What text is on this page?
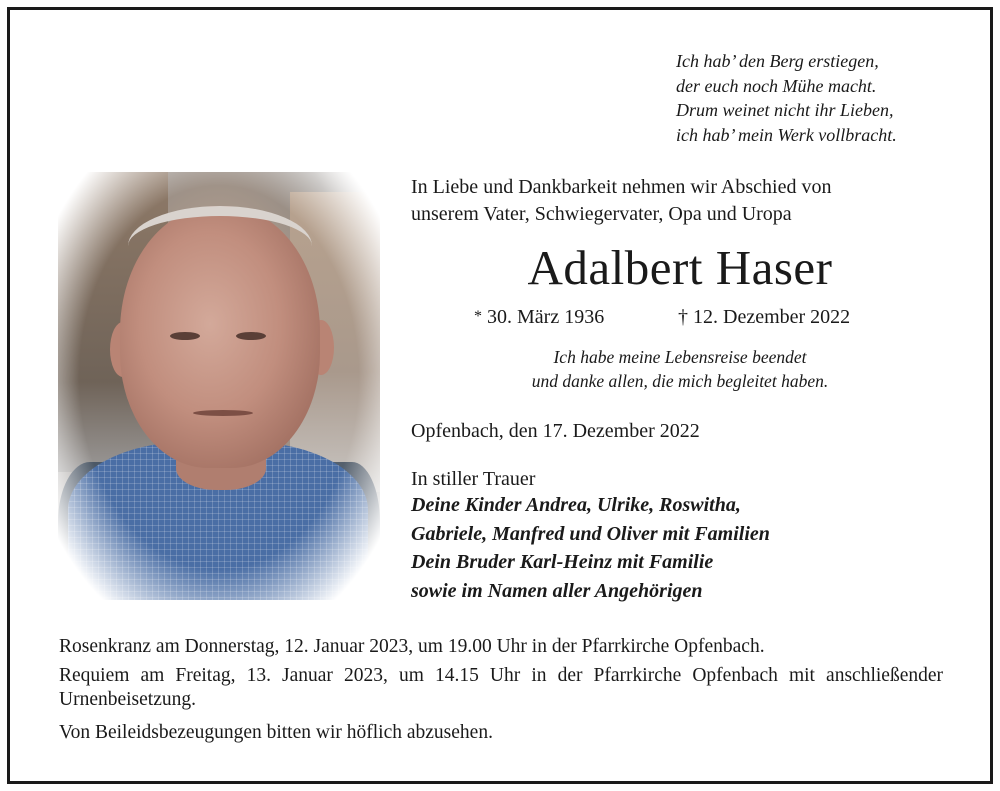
Ich hab’ den Berg erstiegen,
der euch noch Mühe macht.
Drum weinet nicht ihr Lieben,
ich hab’ mein Werk vollbracht.
In Liebe und Dankbarkeit nehmen wir Abschied von
unserem Vater, Schwiegervater, Opa und Uropa
Adalbert Haser
* 30. März 1936	† 12. Dezember 2022
Ich habe meine Lebensreise beendet
und danke allen, die mich begleitet haben.
Opfenbach, den 17. Dezember 2022
In stiller Trauer
Deine Kinder Andrea, Ulrike, Roswitha,
Gabriele, Manfred und Oliver mit Familien
Dein Bruder Karl-Heinz mit Familie
sowie im Namen aller Angehörigen
Rosenkranz am Donnerstag, 12. Januar 2023, um 19.00 Uhr in der Pfarrkirche Opfenbach.
Requiem am Freitag, 13. Januar 2023, um 14.15 Uhr in der Pfarrkirche Opfenbach mit anschließender Urnenbeisetzung.
Von Beileidsbezeugungen bitten wir höflich abzusehen.
